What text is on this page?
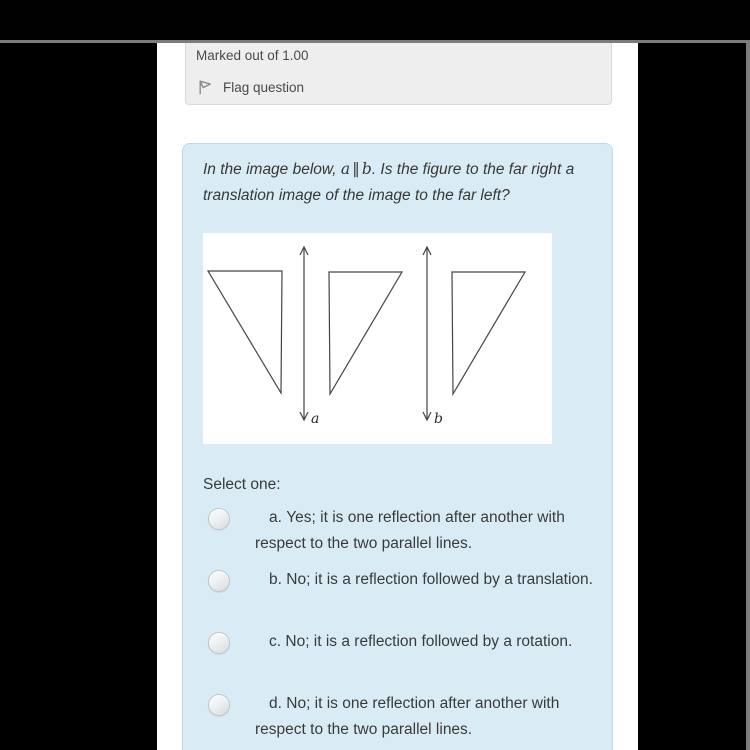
Marked out of 1.00
Flag question
In the image below, a ∥ b. Is the figure to the far right a translation image of the image to the far left?
a	b
Select one:
a. Yes; it is one reflection after another with respect to the two parallel lines.
b. No; it is a reflection followed by a translation.
c. No; it is a reflection followed by a rotation.
d. No; it is one reflection after another with respect to the two parallel lines.
